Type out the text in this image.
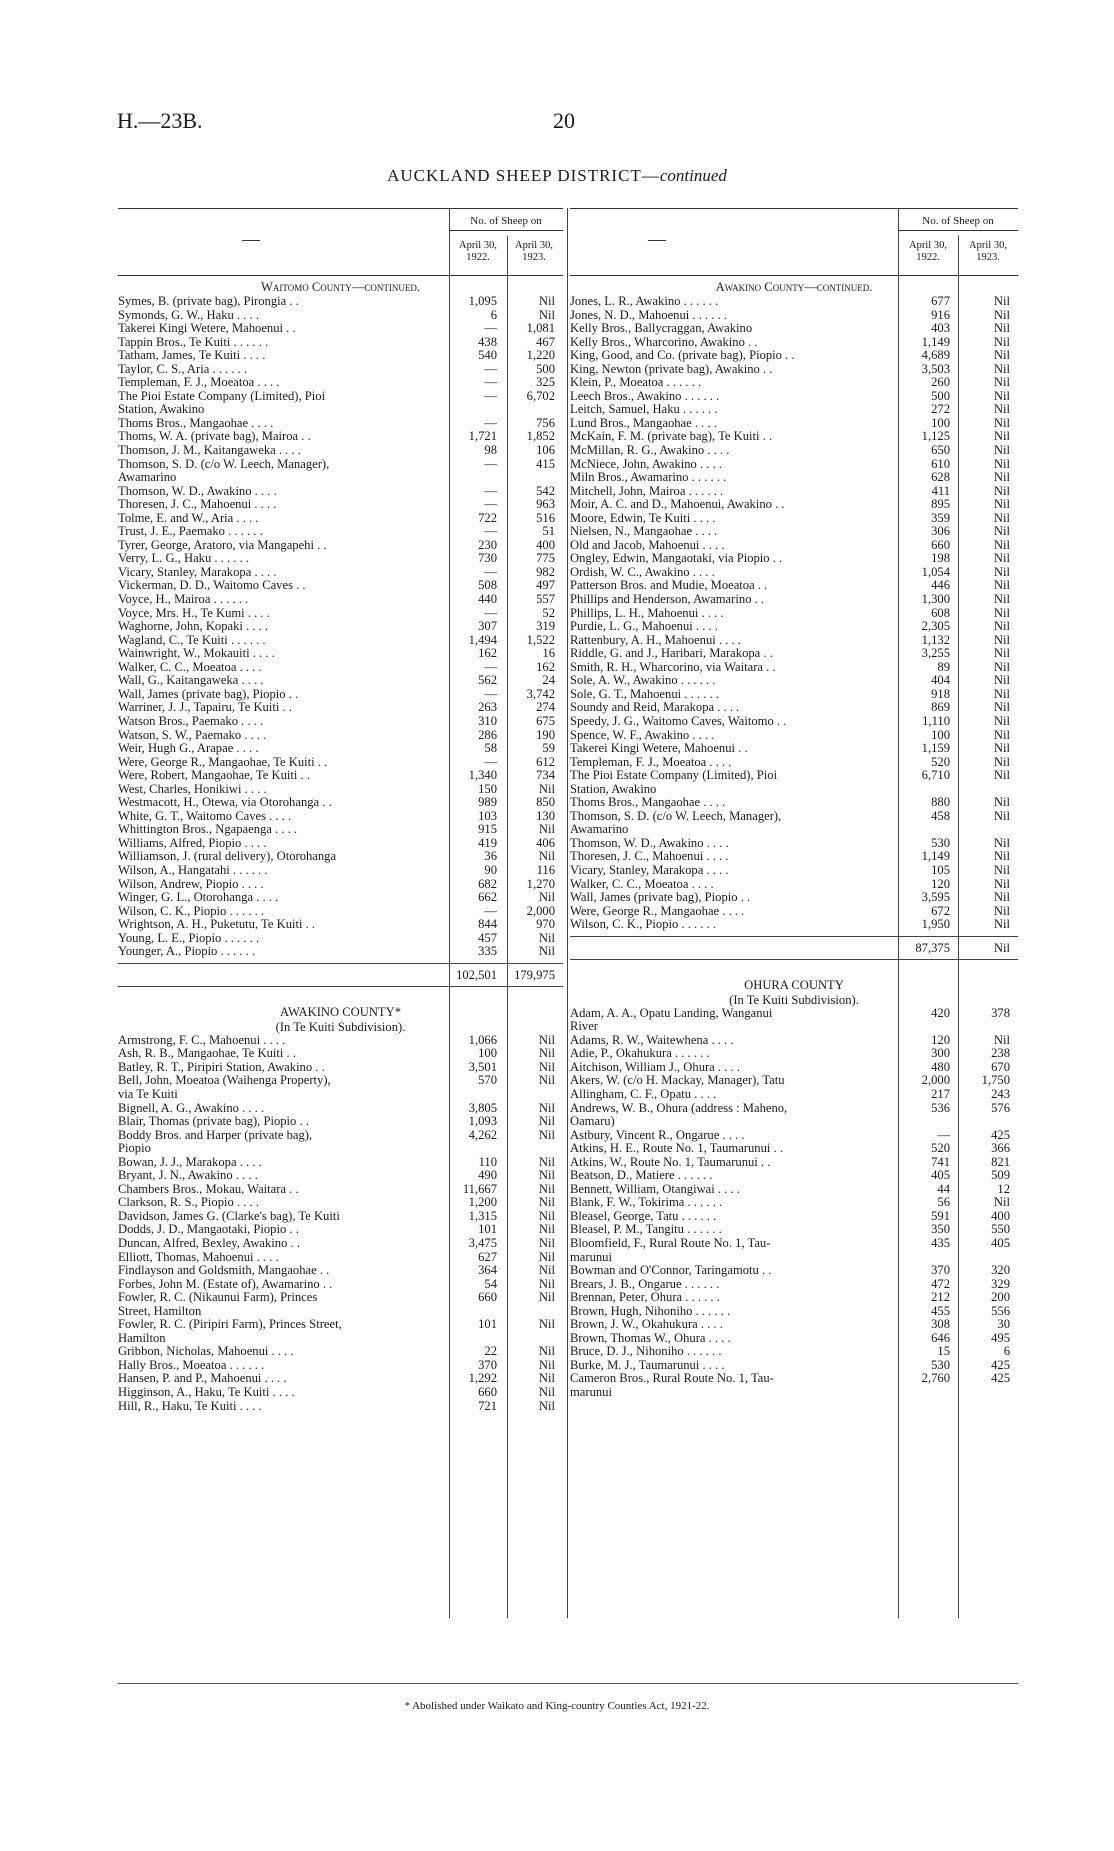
H.—23B.	20
AUCKLAND SHEEP DISTRICT—continued
—
No. of Sheep on
April 30, 1922.
April 30, 1923.
Waitomo County—continued.
Symes, B. (private bag), Pirongia . .	1,095	Nil
Symonds, G. W., Haku . . . .	6	Nil
Takerei Kingi Wetere, Mahoenui . .	—	1,081
Tappin Bros., Te Kuiti . . . . . .	438	467
Tatham, James, Te Kuiti . . . .	540	1,220
Taylor, C. S., Aria . . . . . .	—	500
Templeman, F. J., Moeatoa . . . .	—	325
The Pioi Estate Company (Limited), Pioi	—	6,702
Station, Awakino
Thoms Bros., Mangaohae . . . .	—	756
Thoms, W. A. (private bag), Mairoa . .	1,721	1,852
Thomson, J. M., Kaitangaweka . . . .	98	106
Thomson, S. D. (c/o W. Leech, Manager),	—	415
Awamarino
Thomson, W. D., Awakino . . . .	—	542
Thoresen, J. C., Mahoenui . . . .	—	963
Tolme, E. and W., Aria . . . .	722	516
Trust, J. E., Paemako . . . . . .	—	51
Tyrer, George, Aratoro, via Mangapehi . .	230	400
Verry, L. G., Haku . . . . . .	730	775
Vicary, Stanley, Marakopa . . . .	—	982
Vickerman, D. D., Waitomo Caves . .	508	497
Voyce, H., Mairoa . . . . . .	440	557
Voyce, Mrs. H., Te Kumi . . . .	—	52
Waghorne, John, Kopaki . . . .	307	319
Wagland, C., Te Kuiti . . . . . .	1,494	1,522
Wainwright, W., Mokauiti . . . .	162	16
Walker, C. C., Moeatoa . . . .	—	162
Wall, G., Kaitangaweka . . . .	562	24
Wall, James (private bag), Piopio . .	—	3,742
Warriner, J. J., Tapairu, Te Kuiti . .	263	274
Watson Bros., Paemako . . . .	310	675
Watson, S. W., Paemako . . . .	286	190
Weir, Hugh G., Arapae . . . .	58	59
Were, George R., Mangaohae, Te Kuiti . .	—	612
Were, Robert, Mangaohae, Te Kuiti . .	1,340	734
West, Charles, Honikiwi . . . .	150	Nil
Westmacott, H., Otewa, via Otorohanga . .	989	850
White, G. T., Waitomo Caves . . . .	103	130
Whittington Bros., Ngapaenga . . . .	915	Nil
Williams, Alfred, Piopio . . . .	419	406
Williamson, J. (rural delivery), Otorohanga	36	Nil
Wilson, A., Hangatahi . . . . . .	90	116
Wilson, Andrew, Piopio . . . .	682	1,270
Winger, G. L., Otorohanga . . . .	662	Nil
Wilson, C. K., Piopio . . . . . .	—	2,000
Wrightson, A. H., Puketutu, Te Kuiti . .	844	970
Young, L. E., Piopio . . . . . .	457	Nil
Younger, A., Piopio . . . . . .	335	Nil
102,501	179,975
AWAKINO COUNTY*
(In Te Kuiti Subdivision).
Armstrong, F. C., Mahoenui . . . .	1,066	Nil
Ash, R. B., Mangaohae, Te Kuiti . .	100	Nil
Batley, R. T., Piripiri Station, Awakino . .	3,501	Nil
Bell, John, Moeatoa (Waihenga Property),	570	Nil
via Te Kuiti
Bignell, A. G., Awakino . . . .	3,805	Nil
Blair, Thomas (private bag), Piopio . .	1,093	Nil
Boddy Bros. and Harper (private bag),	4,262	Nil
Piopio
Bowan, J. J., Marakopa . . . .	110	Nil
Bryant, J. N., Awakino . . . .	490	Nil
Chambers Bros., Mokau, Waitara . .	11,667	Nil
Clarkson, R. S., Piopio . . . .	1,200	Nil
Davidson, James G. (Clarke's bag), Te Kuiti	1,315	Nil
Dodds, J. D., Mangaotaki, Piopio . .	101	Nil
Duncan, Alfred, Bexley, Awakino . .	3,475	Nil
Elliott, Thomas, Mahoenui . . . .	627	Nil
Findlayson and Goldsmith, Mangaohae . .	364	Nil
Forbes, John M. (Estate of), Awamarino . .	54	Nil
Fowler, R. C. (Nikaunui Farm), Princes	660	Nil
Street, Hamilton
Fowler, R. C. (Piripiri Farm), Princes Street,	101	Nil
Hamilton
Gribbon, Nicholas, Mahoenui . . . .	22	Nil
Hally Bros., Moeatoa . . . . . .	370	Nil
Hansen, P. and P., Mahoenui . . . .	1,292	Nil
Higginson, A., Haku, Te Kuiti . . . .	660	Nil
Hill, R., Haku, Te Kuiti . . . .	721	Nil
—
No. of Sheep on
April 30, 1922.
April 30, 1923.
Awakino County—continued.
Jones, L. R., Awakino . . . . . .	677	Nil
Jones, N. D., Mahoenui . . . . . .	916	Nil
Kelly Bros., Ballycraggan, Awakino	403	Nil
Kelly Bros., Wharcorino, Awakino . .	1,149	Nil
King, Good, and Co. (private bag), Piopio . .	4,689	Nil
King, Newton (private bag), Awakino . .	3,503	Nil
Klein, P., Moeatoa . . . . . .	260	Nil
Leech Bros., Awakino . . . . . .	500	Nil
Leitch, Samuel, Haku . . . . . .	272	Nil
Lund Bros., Mangaohae . . . .	100	Nil
McKain, F. M. (private bag), Te Kuiti . .	1,125	Nil
McMillan, R. G., Awakino . . . .	650	Nil
McNiece, John, Awakino . . . .	610	Nil
Miln Bros., Awamarino . . . . . .	628	Nil
Mitchell, John, Mairoa . . . . . .	411	Nil
Moir, A. C. and D., Mahoenui, Awakino . .	895	Nil
Moore, Edwin, Te Kuiti . . . .	359	Nil
Nielsen, N., Mangaohae . . . .	306	Nil
Old and Jacob, Mahoenui . . . .	660	Nil
Ongley, Edwin, Mangaotaki, via Piopio . .	198	Nil
Ordish, W. C., Awakino . . . .	1,054	Nil
Patterson Bros. and Mudie, Moeatoa . .	446	Nil
Phillips and Henderson, Awamarino . .	1,300	Nil
Phillips, L. H., Mahoenui . . . .	608	Nil
Purdie, L. G., Mahoenui . . . .	2,305	Nil
Rattenbury, A. H., Mahoenui . . . .	1,132	Nil
Riddle, G. and J., Haribari, Marakopa . .	3,255	Nil
Smith, R. H., Wharcorino, via Waitara . .	89	Nil
Sole, A. W., Awakino . . . . . .	404	Nil
Sole, G. T., Mahoenui . . . . . .	918	Nil
Soundy and Reid, Marakopa . . . .	869	Nil
Speedy, J. G., Waitomo Caves, Waitomo . .	1,110	Nil
Spence, W. F., Awakino . . . .	100	Nil
Takerei Kingi Wetere, Mahoenui . .	1,159	Nil
Templeman, F. J., Moeatoa . . . .	520	Nil
The Pioi Estate Company (Limited), Pioi	6,710	Nil
Station, Awakino
Thoms Bros., Mangaohae . . . .	880	Nil
Thomson, S. D. (c/o W. Leech, Manager),	458	Nil
Awamarino
Thomson, W. D., Awakino . . . .	530	Nil
Thoresen, J. C., Mahoenui . . . .	1,149	Nil
Vicary, Stanley, Marakopa . . . .	105	Nil
Walker, C. C., Moeatoa . . . .	120	Nil
Wall, James (private bag), Piopio . .	3,595	Nil
Were, George R., Mangaohae . . . .	672	Nil
Wilson, C. K., Piopio . . . . . .	1,950	Nil
87,375	Nil
OHURA COUNTY
(In Te Kuiti Subdivision).
Adam, A. A., Opatu Landing, Wanganui	420	378
River
Adams, R. W., Waitewhena . . . .	120	Nil
Adie, P., Okahukura . . . . . .	300	238
Aitchison, William J., Ohura . . . .	480	670
Akers, W. (c/o H. Mackay, Manager), Tatu	2,000	1,750
Allingham, C. F., Opatu . . . .	217	243
Andrews, W. B., Ohura (address : Maheno,	536	576
Oamaru)
Astbury, Vincent R., Ongarue . . . .	—	425
Atkins, H. E., Route No. 1, Taumarunui . .	520	366
Atkins, W., Route No. 1, Taumarunui . .	741	821
Beatson, D., Matiere . . . . . .	405	509
Bennett, William, Otangiwai . . . .	44	12
Blank, F. W., Tokirima . . . . . .	56	Nil
Bleasel, George, Tatu . . . . . .	591	400
Bleasel, P. M., Tangitu . . . . . .	350	550
Bloomfield, F., Rural Route No. 1, Tau-	435	405
marunui
Bowman and O'Connor, Taringamotu . .	370	320
Brears, J. B., Ongarue . . . . . .	472	329
Brennan, Peter, Ohura . . . . . .	212	200
Brown, Hugh, Nihoniho . . . . . .	455	556
Brown, J. W., Okahukura . . . .	308	30
Brown, Thomas W., Ohura . . . .	646	495
Bruce, D. J., Nihoniho . . . . . .	15	6
Burke, M. J., Taumarunui . . . .	530	425
Cameron Bros., Rural Route No. 1, Tau-	2,760	425
marunui
* Abolished under Waikato and King-country Counties Act, 1921-22.
